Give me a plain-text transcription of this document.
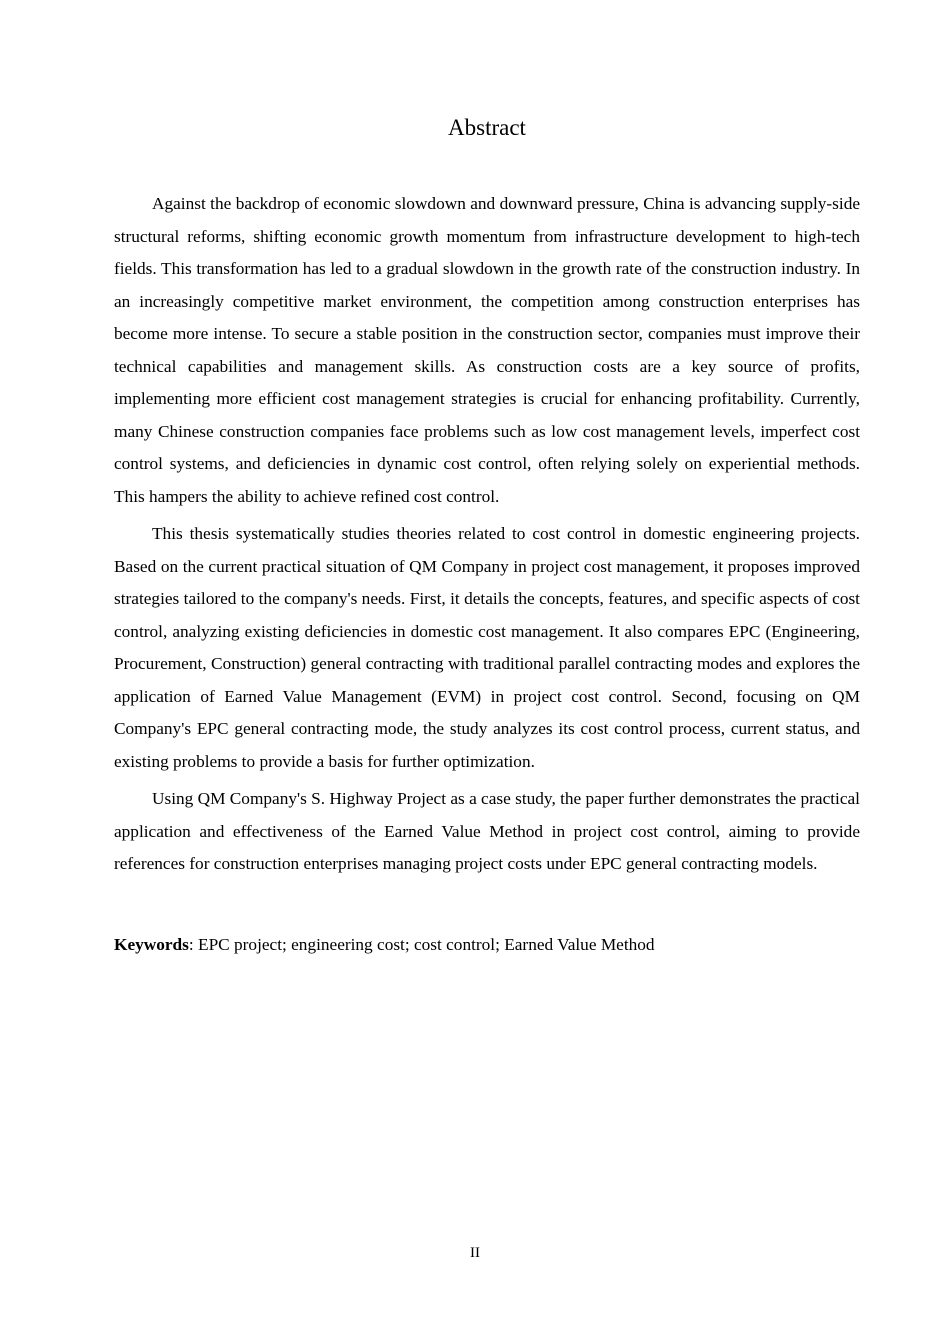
Abstract

Against the backdrop of economic slowdown and downward pressure, China is advancing supply-side structural reforms, shifting economic growth momentum from infrastructure development to high-tech fields. This transformation has led to a gradual slowdown in the growth rate of the construction industry. In an increasingly competitive market environment, the competition among construction enterprises has become more intense. To secure a stable position in the construction sector, companies must improve their technical capabilities and management skills. As construction costs are a key source of profits, implementing more efficient cost management strategies is crucial for enhancing profitability. Currently, many Chinese construction companies face problems such as low cost management levels, imperfect cost control systems, and deficiencies in dynamic cost control, often relying solely on experiential methods. This hampers the ability to achieve refined cost control.

This thesis systematically studies theories related to cost control in domestic engineering projects. Based on the current practical situation of QM Company in project cost management, it proposes improved strategies tailored to the company's needs. First, it details the concepts, features, and specific aspects of cost control, analyzing existing deficiencies in domestic cost management. It also compares EPC (Engineering, Procurement, Construction) general contracting with traditional parallel contracting modes and explores the application of Earned Value Management (EVM) in project cost control. Second, focusing on QM Company's EPC general contracting mode, the study analyzes its cost control process, current status, and existing problems to provide a basis for further optimization.

Using QM Company's S. Highway Project as a case study, the paper further demonstrates the practical application and effectiveness of the Earned Value Method in project cost control, aiming to provide references for construction enterprises managing project costs under EPC general contracting models.

Keywords: EPC project; engineering cost; cost control; Earned Value Method
II
